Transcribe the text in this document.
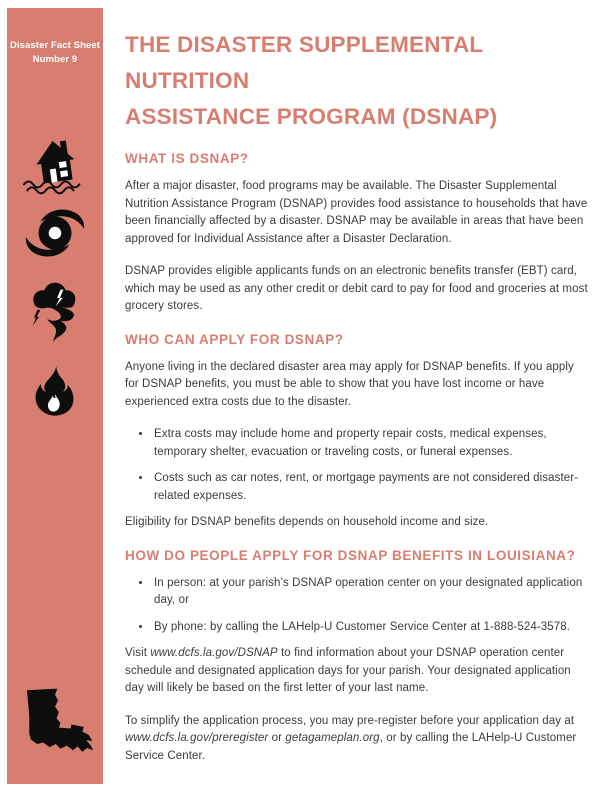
Disaster Fact Sheet
Number 9
THE DISASTER SUPPLEMENTAL NUTRITION
ASSISTANCE PROGRAM (DSNAP)
WHAT IS DSNAP?

After a major disaster, food programs may be available. The Disaster Supplemental Nutrition Assistance Program (DSNAP) provides food assistance to households that have been financially affected by a disaster. DSNAP may be available in areas that have been approved for Individual Assistance after a Disaster Declaration.

DSNAP provides eligible applicants funds on an electronic benefits transfer (EBT) card, which may be used as any other credit or debit card to pay for food and groceries at most grocery stores.

WHO CAN APPLY FOR DSNAP?

Anyone living in the declared disaster area may apply for DSNAP benefits. If you apply for DSNAP benefits, you must be able to show that you have lost income or have experienced extra costs due to the disaster.

• Extra costs may include home and property repair costs, medical expenses, temporary shelter, evacuation or traveling costs, or funeral expenses.
• Costs such as car notes, rent, or mortgage payments are not considered disaster-related expenses.

Eligibility for DSNAP benefits depends on household income and size.

HOW DO PEOPLE APPLY FOR DSNAP BENEFITS IN LOUISIANA?
• In person: at your parish’s DSNAP operation center on your designated application day, or
• By phone: by calling the LAHelp-U Customer Service Center at 1-888-524-3578.

Visit www.dcfs.la.gov/DSNAP to find information about your DSNAP operation center schedule and designated application days for your parish. Your designated application day will likely be based on the first letter of your last name.

To simplify the application process, you may pre-register before your application day at www.dcfs.la.gov/preregister or getagameplan.org, or by calling the LAHelp-U Customer Service Center.
